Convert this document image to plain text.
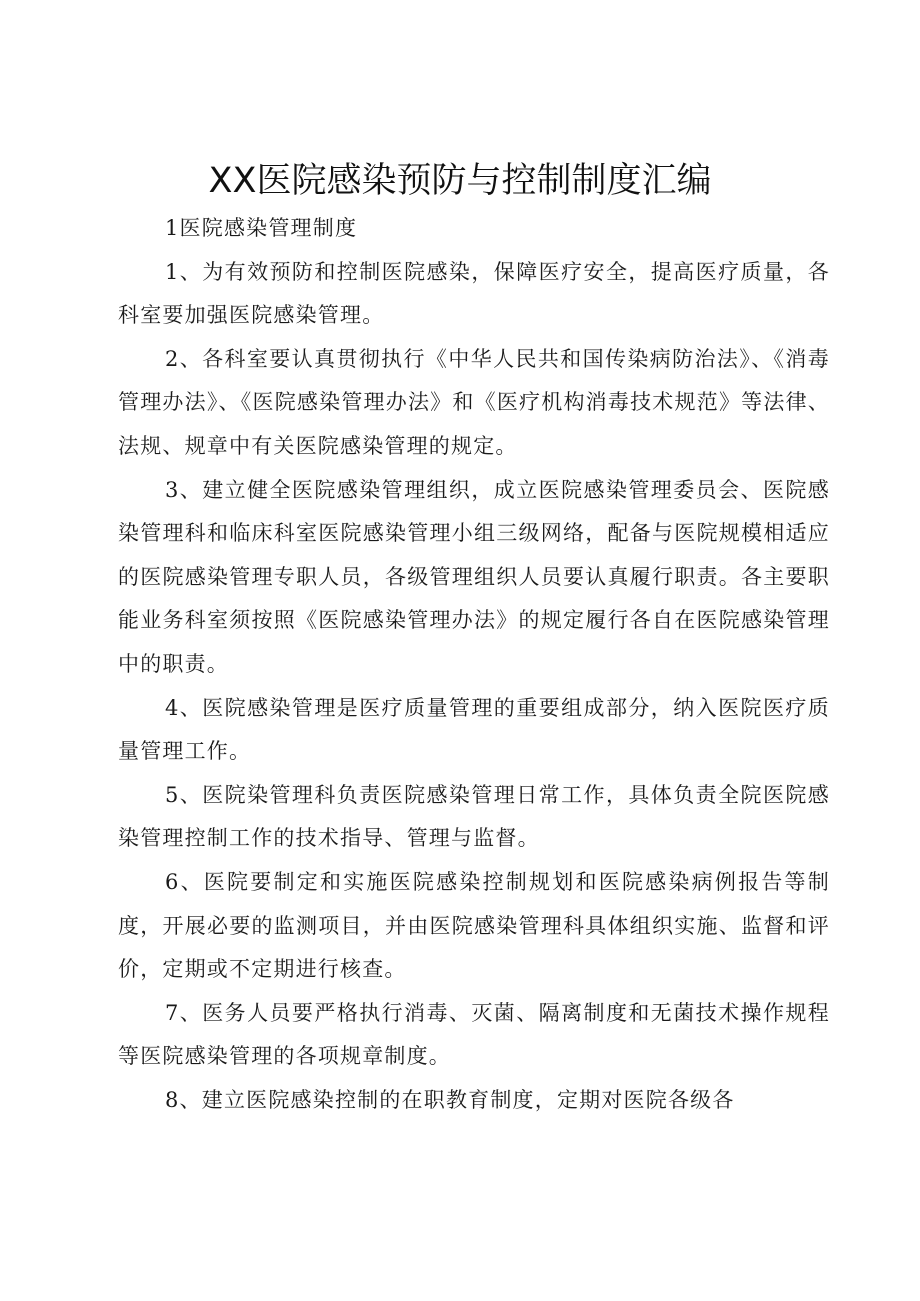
XX医院感染预防与控制制度汇编

1医院感染管理制度

1、为有效预防和控制医院感染，保障医疗安全，提高医疗质量，各科室要加强医院感染管理。

2、各科室要认真贯彻执行《中华人民共和国传染病防治法》、《消毒管理办法》、《医院感染管理办法》和《医疗机构消毒技术规范》等法律、法规、规章中有关医院感染管理的规定。

3、建立健全医院感染管理组织，成立医院感染管理委员会、医院感染管理科和临床科室医院感染管理小组三级网络，配备与医院规模相适应的医院感染管理专职人员，各级管理组织人员要认真履行职责。各主要职能业务科室须按照《医院感染管理办法》的规定履行各自在医院感染管理中的职责。

4、医院感染管理是医疗质量管理的重要组成部分，纳入医院医疗质量管理工作。

5、医院染管理科负责医院感染管理日常工作，具体负责全院医院感染管理控制工作的技术指导、管理与监督。

6、医院要制定和实施医院感染控制规划和医院感染病例报告等制度，开展必要的监测项目，并由医院感染管理科具体组织实施、监督和评价，定期或不定期进行核查。

7、医务人员要严格执行消毒、灭菌、隔离制度和无菌技术操作规程等医院感染管理的各项规章制度。

8、建立医院感染控制的在职教育制度，定期对医院各级各
